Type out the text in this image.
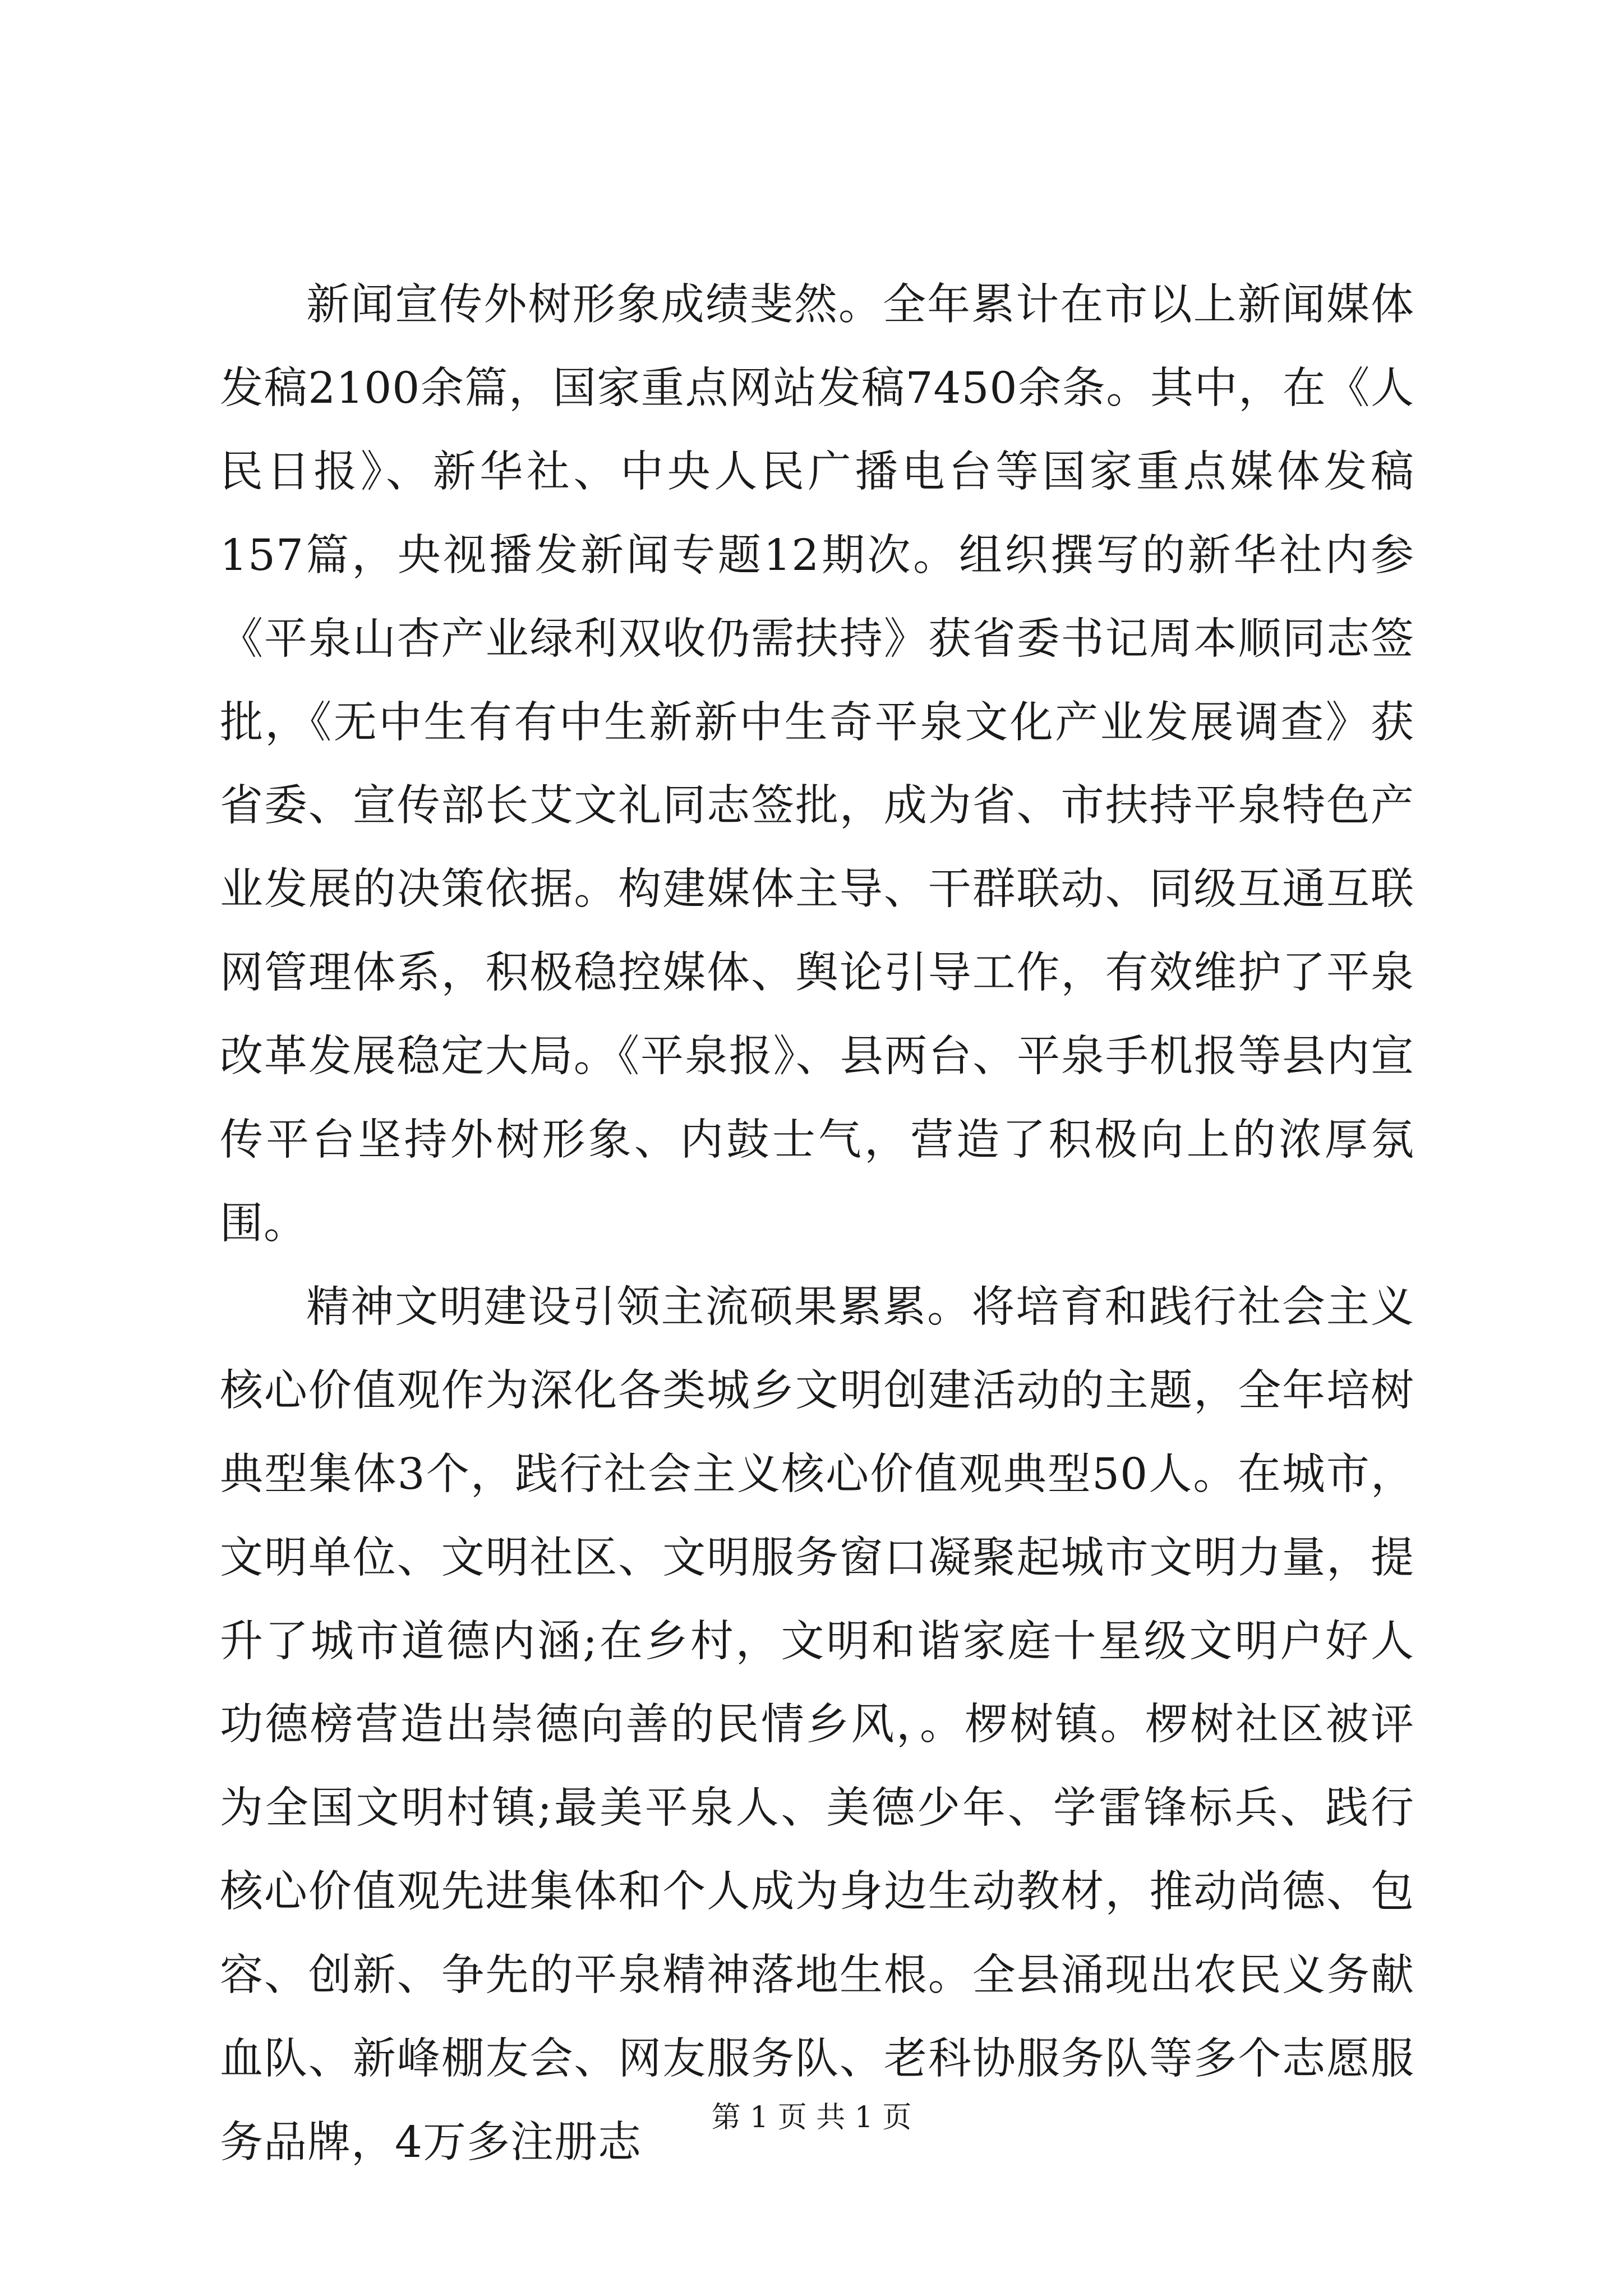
新闻宣传外树形象成绩斐然。全年累计在市以上新闻媒体发稿2100余篇，国家重点网站发稿7450余条。其中，在《人民日报》、新华社、中央人民广播电台等国家重点媒体发稿157篇，央视播发新闻专题12期次。组织撰写的新华社内参《平泉山杏产业绿利双收仍需扶持》获省委书记周本顺同志签批，《无中生有有中生新新中生奇平泉文化产业发展调查》获省委、宣传部长艾文礼同志签批，成为省、市扶持平泉特色产业发展的决策依据。构建媒体主导、干群联动、同级互通互联网管理体系，积极稳控媒体、舆论引导工作，有效维护了平泉改革发展稳定大局。《平泉报》、县两台、平泉手机报等县内宣传平台坚持外树形象、内鼓士气，营造了积极向上的浓厚氛围。

精神文明建设引领主流硕果累累。将培育和践行社会主义核心价值观作为深化各类城乡文明创建活动的主题，全年培树典型集体3个，践行社会主义核心价值观典型50人。在城市，文明单位、文明社区、文明服务窗口凝聚起城市文明力量，提升了城市道德内涵;在乡村，文明和谐家庭十星级文明户好人功德榜营造出崇德向善的民情乡风，。椤树镇。椤树社区被评为全国文明村镇;最美平泉人、美德少年、学雷锋标兵、践行核心价值观先进集体和个人成为身边生动教材，推动尚德、包容、创新、争先的平泉精神落地生根。全县涌现出农民义务献血队、新峰棚友会、网友服务队、老科协服务队等多个志愿服务品牌，4万多注册志	第 1 页 共 1 页
